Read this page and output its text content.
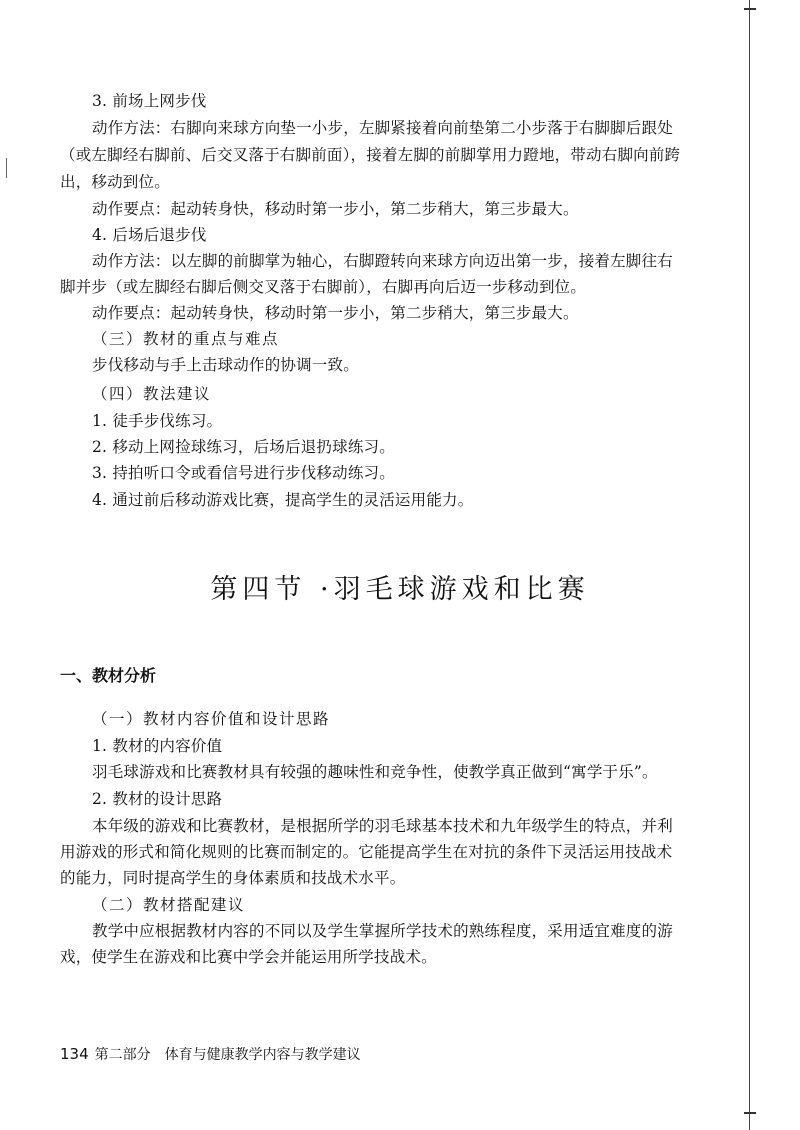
3. 前场上网步伐
动作方法：右脚向来球方向垫一小步，左脚紧接着向前垫第二小步落于右脚脚后跟处
（或左脚经右脚前、后交叉落于右脚前面），接着左脚的前脚掌用力蹬地，带动右脚向前跨
出，移动到位。
动作要点：起动转身快，移动时第一步小，第二步稍大，第三步最大。
4. 后场后退步伐
动作方法：以左脚的前脚掌为轴心，右脚蹬转向来球方向迈出第一步，接着左脚往右
脚并步（或左脚经右脚后侧交叉落于右脚前），右脚再向后迈一步移动到位。
动作要点：起动转身快，移动时第一步小，第二步稍大，第三步最大。
（三）教材的重点与难点
步伐移动与手上击球动作的协调一致。
（四）教法建议
1. 徒手步伐练习。
2. 移动上网捡球练习，后场后退扔球练习。
3. 持拍听口令或看信号进行步伐移动练习。
4. 通过前后移动游戏比赛，提高学生的灵活运用能力。
第四节 ·羽毛球游戏和比赛
一、教材分析
（一）教材内容价值和设计思路
1. 教材的内容价值
羽毛球游戏和比赛教材具有较强的趣味性和竞争性，使教学真正做到“寓学于乐”。
2. 教材的设计思路
本年级的游戏和比赛教材，是根据所学的羽毛球基本技术和九年级学生的特点，并利
用游戏的形式和简化规则的比赛而制定的。它能提高学生在对抗的条件下灵活运用技战术
的能力，同时提高学生的身体素质和技战术水平。
（二）教材搭配建议
教学中应根据教材内容的不同以及学生掌握所学技术的熟练程度，采用适宜难度的游
戏，使学生在游戏和比赛中学会并能运用所学技战术。
134 第二部分　体育与健康教学内容与教学建议
